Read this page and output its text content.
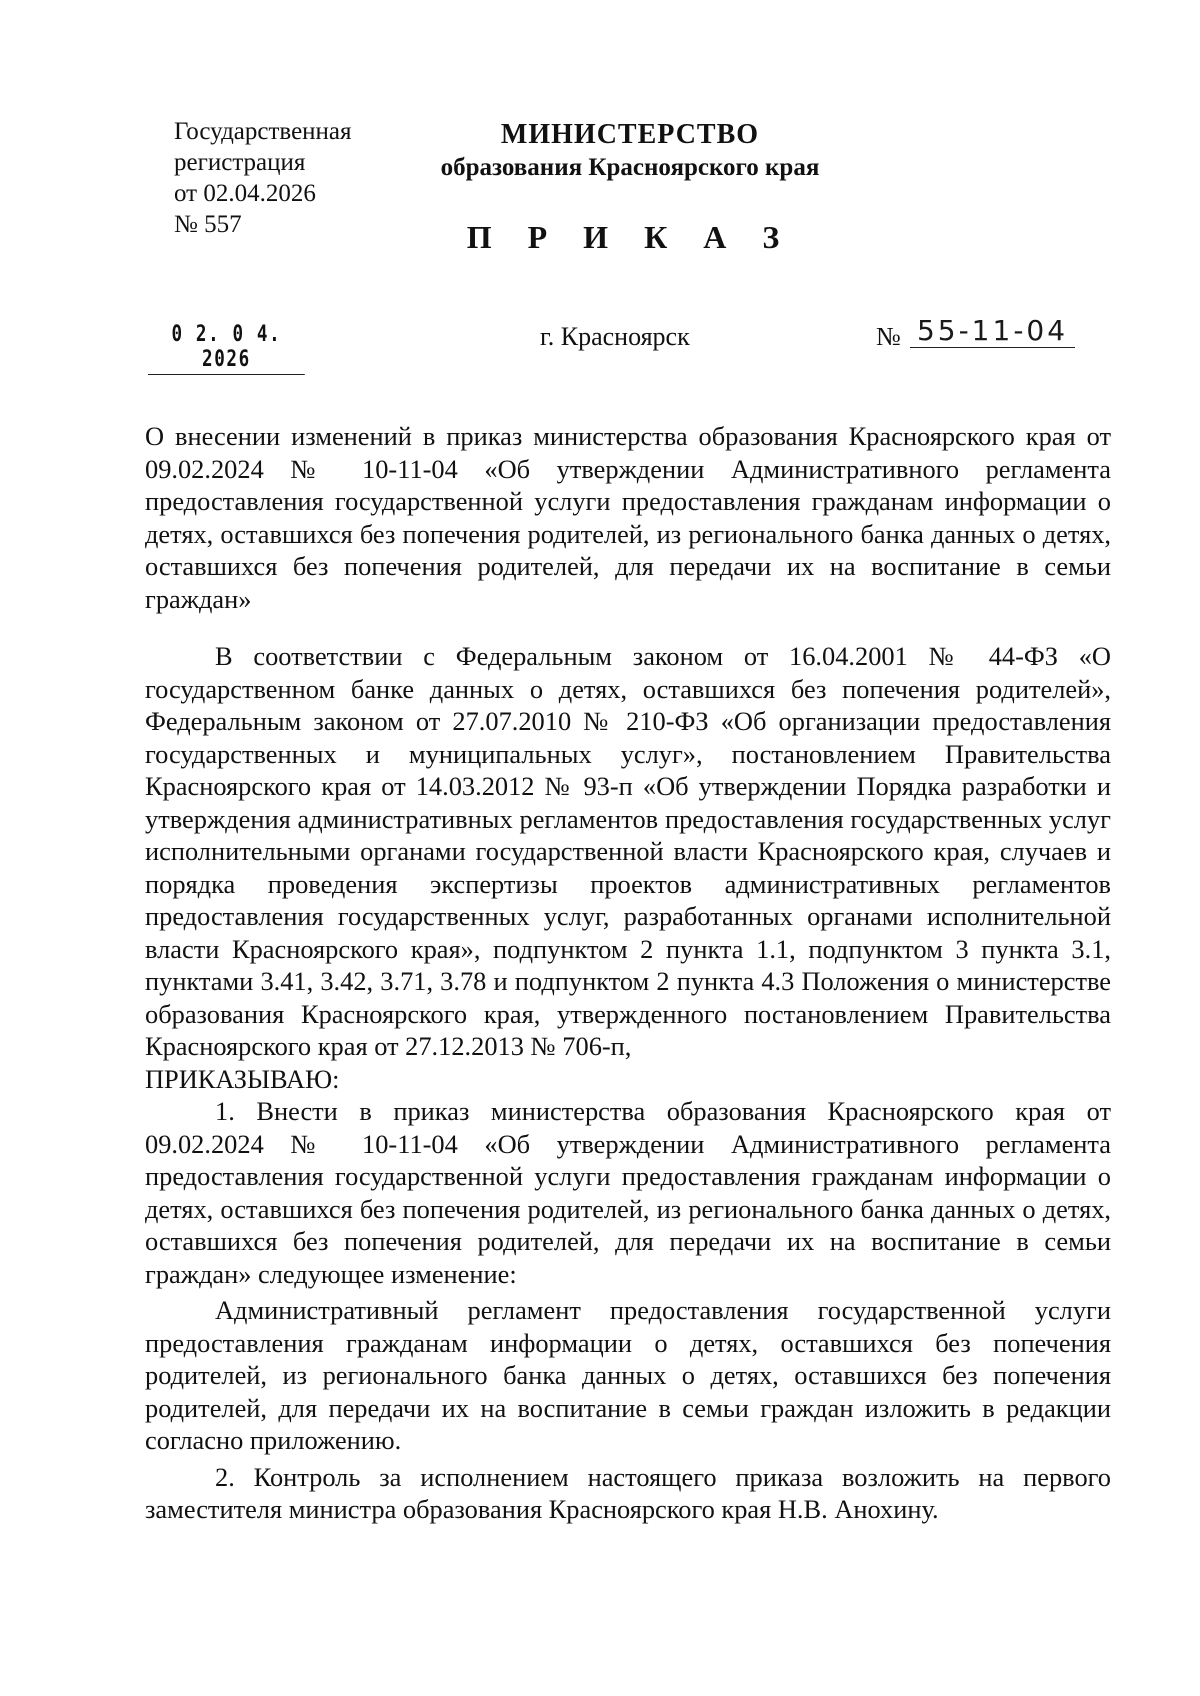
Государственная
регистрация
от 02.04.2026
№ 557
МИНИСТЕРСТВО
образования Красноярского края
П Р И К А З
0 2. 0 4. 2026
г. Красноярск	№ 55-11-04

О внесении изменений в приказ министерства образования Красноярского края от 09.02.2024 № 10-11-04 «Об утверждении Административного регламента предоставления государственной услуги предоставления гражданам информации о детях, оставшихся без попечения родителей, из регионального банка данных о детях, оставшихся без попечения родителей, для передачи их на воспитание в семьи граждан»

В соответствии с Федеральным законом от 16.04.2001 № 44-ФЗ «О государственном банке данных о детях, оставшихся без попечения родителей», Федеральным законом от 27.07.2010 № 210-ФЗ «Об организации предоставления государственных и муниципальных услуг», постановлением Правительства Красноярского края от 14.03.2012 № 93-п «Об утверждении Порядка разработки и утверждения административных регламентов предоставления государственных услуг исполнительными органами государственной власти Красноярского края, случаев и порядка проведения экспертизы проектов административных регламентов предоставления государственных услуг, разработанных органами исполнительной власти Красноярского края», подпунктом 2 пункта 1.1, подпунктом 3 пункта 3.1, пунктами 3.41, 3.42, 3.71, 3.78 и подпунктом 2 пункта 4.3 Положения о министерстве образования Красноярского края, утвержденного постановлением Правительства Красноярского края от 27.12.2013 № 706-п,

ПРИКАЗЫВАЮ:

1. Внести в приказ министерства образования Красноярского края от 09.02.2024 № 10-11-04 «Об утверждении Административного регламента предоставления государственной услуги предоставления гражданам информации о детях, оставшихся без попечения родителей, из регионального банка данных о детях, оставшихся без попечения родителей, для передачи их на воспитание в семьи граждан» следующее изменение:

Административный регламент предоставления государственной услуги предоставления гражданам информации о детях, оставшихся без попечения родителей, из регионального банка данных о детях, оставшихся без попечения родителей, для передачи их на воспитание в семьи граждан изложить в редакции согласно приложению.

2. Контроль за исполнением настоящего приказа возложить на первого заместителя министра образования Красноярского края Н.В. Анохину.
